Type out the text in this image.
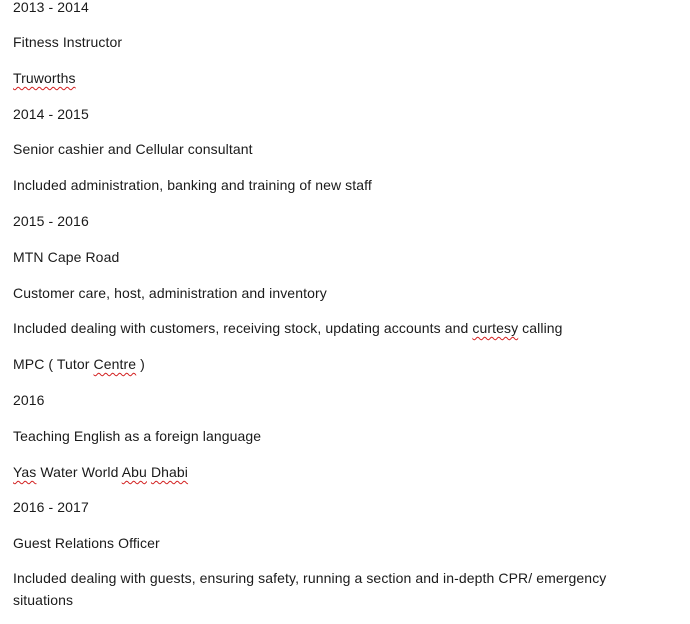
2013 - 2014
Fitness Instructor
Truworths
2014 - 2015
Senior cashier and Cellular consultant
Included administration, banking and training of new staff
2015 - 2016
MTN Cape Road
Customer care, host, administration and inventory
Included dealing with customers, receiving stock, updating accounts and curtesy calling
MPC ( Tutor Centre )
2016
Teaching English as a foreign language
Yas Water World Abu Dhabi
2016 - 2017
Guest Relations Officer
Included dealing with guests, ensuring safety, running a section and in-depth CPR/ emergency situations
